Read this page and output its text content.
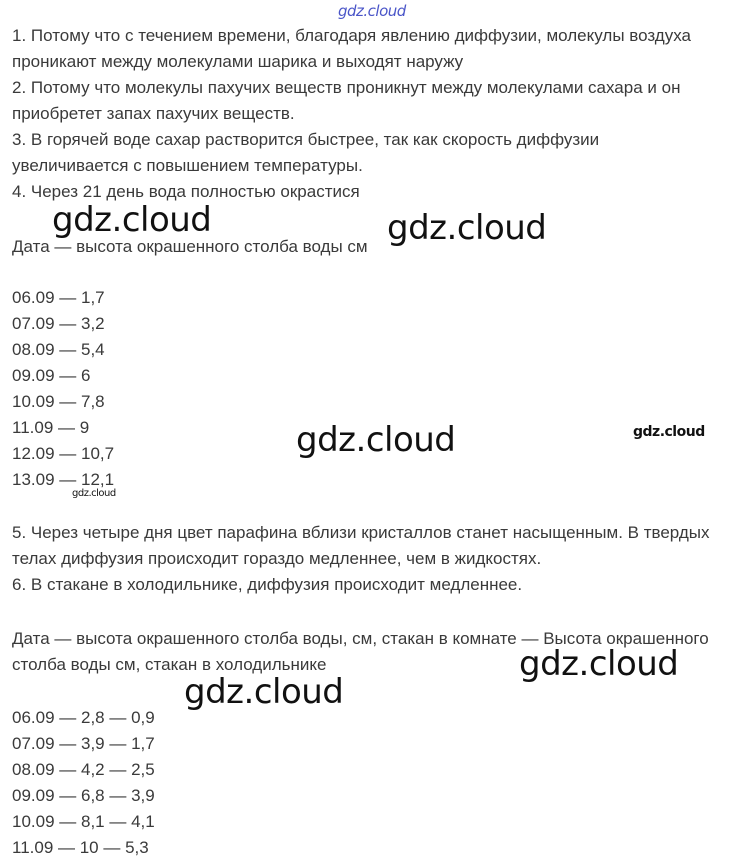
gdz.cloud
1. Потому что с течением времени, благодаря явлению диффузии, молекулы воздуха
проникают между молекулами шарика и выходят наружу
2. Потому что молекулы пахучих веществ проникнут между молекулами сахара и он
приобретет запах пахучих веществ.
3. В горячей воде сахар растворится быстрее, так как скорость диффузии
увеличивается с повышением температуры.
4. Через 21 день вода полностью окрастися
Дата — высота окрашенного столба воды см
06.09 — 1,7
07.09 — 3,2
08.09 — 5,4
09.09 — 6
10.09 — 7,8
11.09 — 9
12.09 — 10,7
13.09 — 12,1
5. Через четыре дня цвет парафина вблизи кристаллов станет насыщенным. В твердых
телах диффузия происходит гораздо медленнее, чем в жидкостях.
6. В стакане в холодильнике, диффузия происходит медленнее.
Дата — высота окрашенного столба воды, см, стакан в комнате — Высота окрашенного
столба воды см, стакан в холодильнике
06.09 — 2,8 — 0,9
07.09 — 3,9 — 1,7
08.09 — 4,2 — 2,5
09.09 — 6,8 — 3,9
10.09 — 8,1 — 4,1
11.09 — 10 — 5,3
gdz.cloud	gdz.cloud
gdz.cloud	gdz.cloud
gdz.cloud
gdz.cloud
gdz.cloud
